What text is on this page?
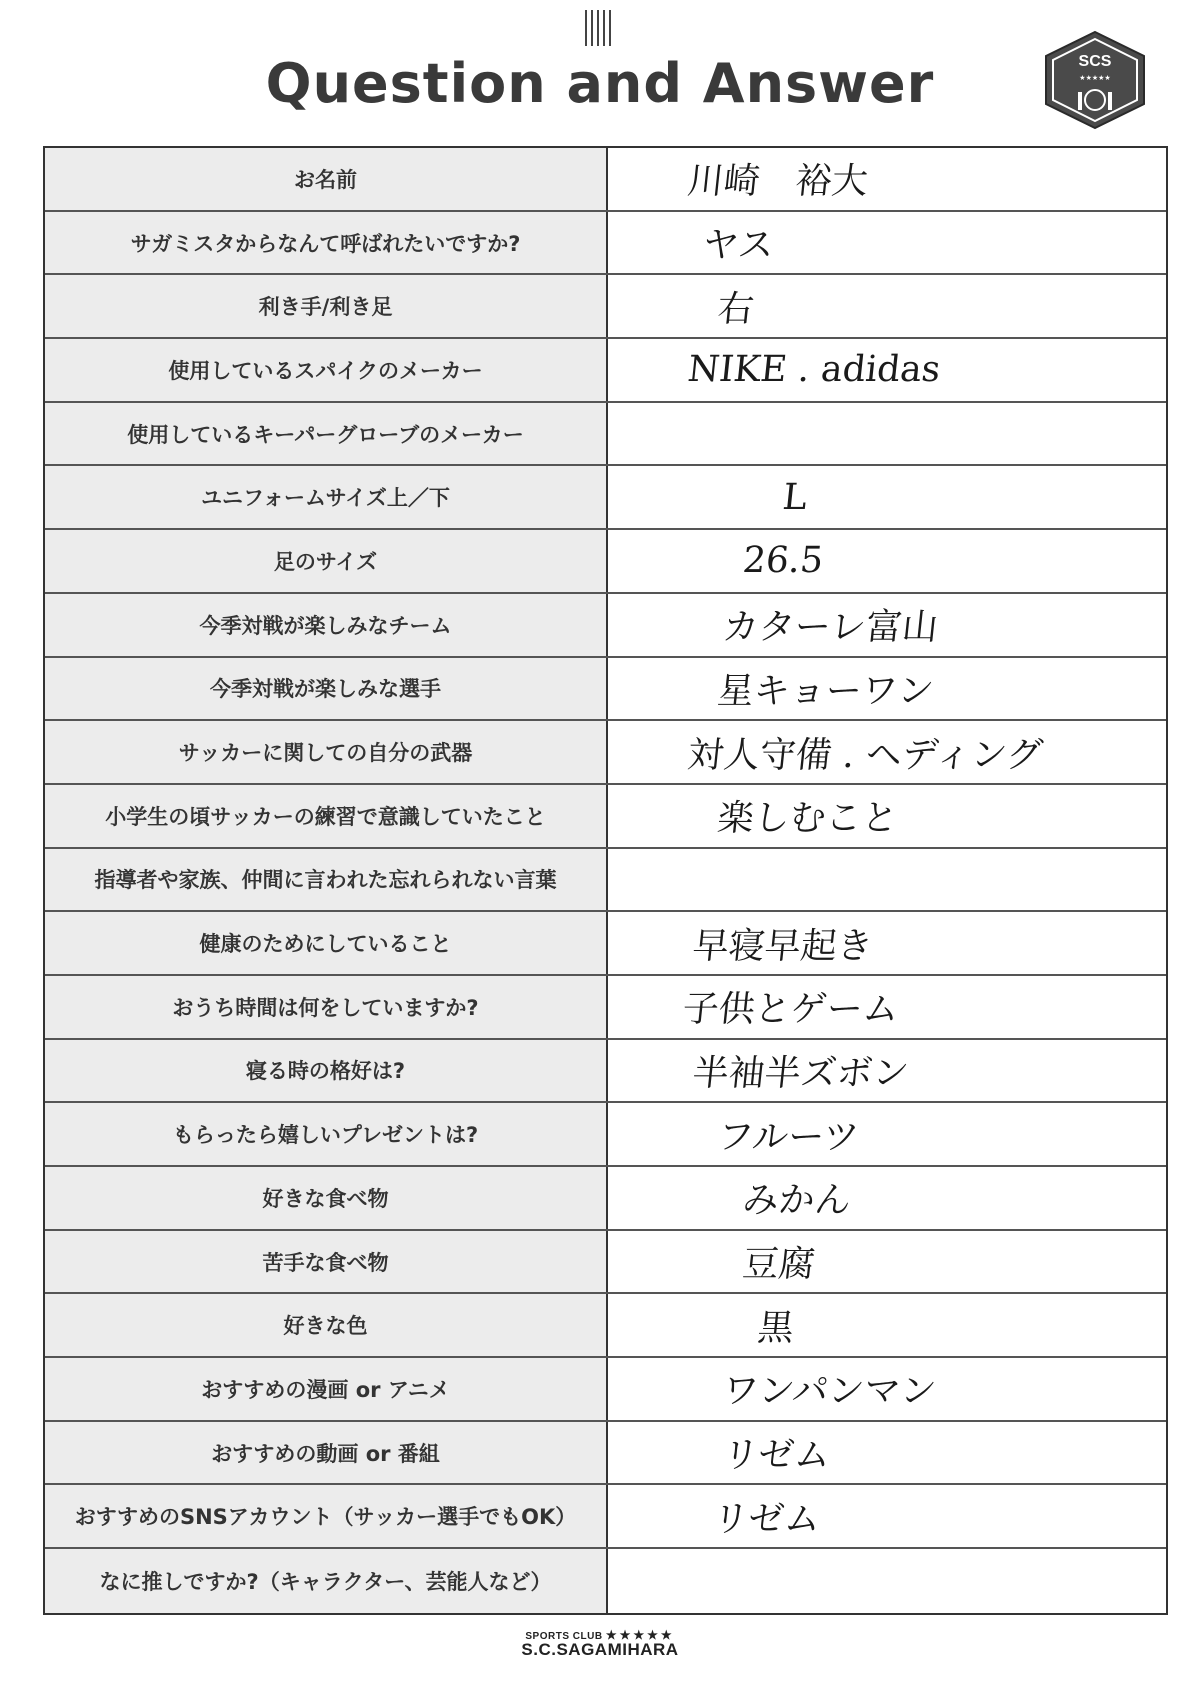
Question and Answer	SCS
★★★★★
お名前	川崎　裕大
サガミスタからなんて呼ばれたいですか?	ヤス
利き手/利き足	右
使用しているスパイクのメーカー	NIKE . adidas
使用しているキーパーグローブのメーカー
ユニフォームサイズ上／下	L
足のサイズ	26.5
今季対戦が楽しみなチーム	カターレ富山
今季対戦が楽しみな選手	星キョーワン
サッカーに関しての自分の武器	対人守備 . ヘディング
小学生の頃サッカーの練習で意識していたこと	楽しむこと
指導者や家族、仲間に言われた忘れられない言葉
健康のためにしていること	早寝早起き
おうち時間は何をしていますか?	子供とゲーム
寝る時の格好は?	半袖半ズボン
もらったら嬉しいプレゼントは?	フルーツ
好きな食べ物	みかん
苦手な食べ物	豆腐
好きな色	黒
おすすめの漫画 or アニメ	ワンパンマン
おすすめの動画 or 番組	リゼム
おすすめのSNSアカウント（サッカー選手でもOK）	リゼム
なに推しですか?（キャラクター、芸能人など）
SPORTS CLUB ★★★★★
S.C.SAGAMIHARA
